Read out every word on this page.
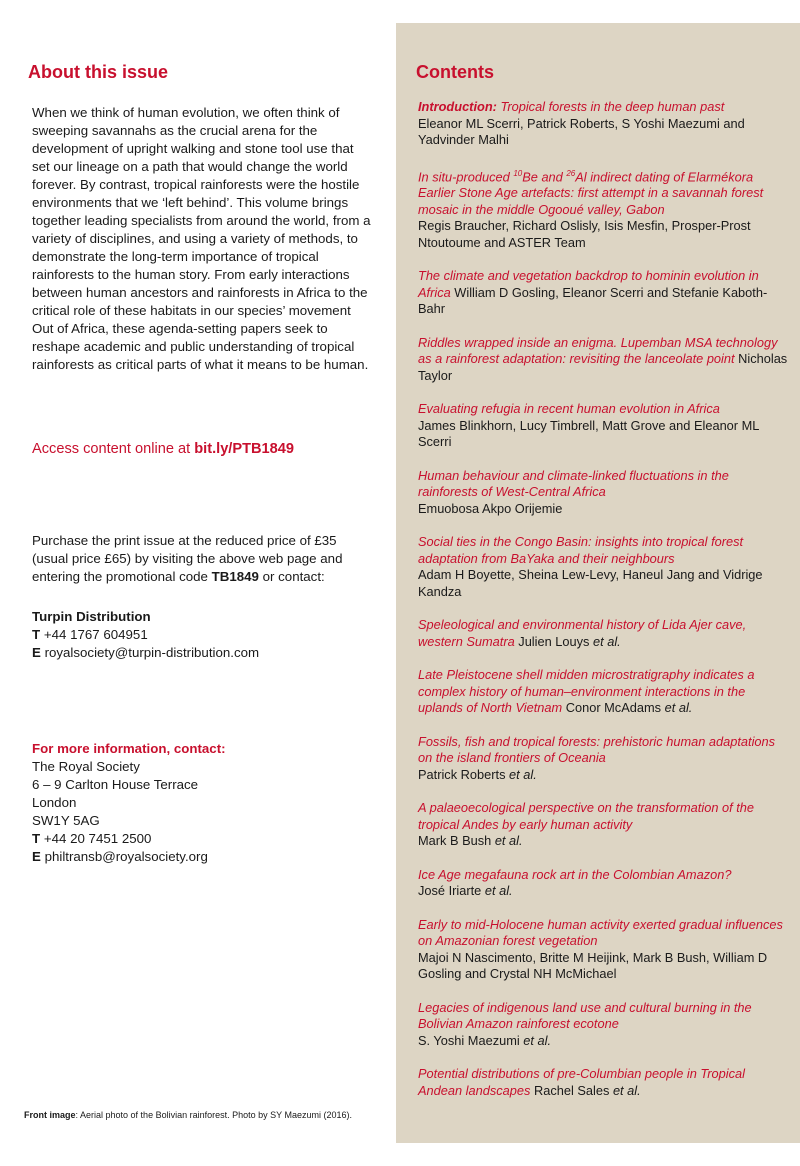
About this issue
When we think of human evolution, we often think of sweeping savannahs as the crucial arena for the development of upright walking and stone tool use that set our lineage on a path that would change the world forever. By contrast, tropical rainforests were the hostile environments that we ‘left behind’. This volume brings together leading specialists from around the world, from a variety of disciplines, and using a variety of methods, to demonstrate the long-term importance of tropical rainforests to the human story. From early interactions between human ancestors and rainforests in Africa to the critical role of these habitats in our species’ movement Out of Africa, these agenda-setting papers seek to reshape academic and public understanding of tropical rainforests as critical parts of what it means to be human.
Access content online at bit.ly/PTB1849
Purchase the print issue at the reduced price of £35 (usual price £65) by visiting the above web page and entering the promotional code TB1849 or contact:
Turpin Distribution
T +44 1767 604951
E royalsociety@turpin-distribution.com
For more information, contact:
The Royal Society
6 – 9 Carlton House Terrace
London
SW1Y 5AG
T +44 20 7451 2500
E philtransb@royalsociety.org
Front image: Aerial photo of the Bolivian rainforest. Photo by SY Maezumi (2016).
Contents
Introduction: Tropical forests in the deep human past
Eleanor ML Scerri, Patrick Roberts, S Yoshi Maezumi and Yadvinder Malhi
In situ-produced $^{10}$Be and $^{26}$Al indirect dating of Elarmékora Earlier Stone Age artefacts: first attempt in a savannah forest mosaic in the middle Ogooué valley, Gabon
Regis Braucher, Richard Oslisly, Isis Mesfin, Prosper-Prost Ntoutoume and ASTER Team
The climate and vegetation backdrop to hominin evolution in Africa William D Gosling, Eleanor Scerri and Stefanie Kaboth-Bahr
Riddles wrapped inside an enigma. Lupemban MSA technology as a rainforest adaptation: revisiting the lanceolate point Nicholas Taylor
Evaluating refugia in recent human evolution in Africa
James Blinkhorn, Lucy Timbrell, Matt Grove and Eleanor ML Scerri
Human behaviour and climate-linked fluctuations in the rainforests of West-Central Africa
Emuobosa Akpo Orijemie
Social ties in the Congo Basin: insights into tropical forest adaptation from BaYaka and their neighbours
Adam H Boyette, Sheina Lew-Levy, Haneul Jang and Vidrige Kandza
Speleological and environmental history of Lida Ajer cave, western Sumatra Julien Louys et al.
Late Pleistocene shell midden microstratigraphy indicates a complex history of human–environment interactions in the uplands of North Vietnam Conor McAdams et al.
Fossils, fish and tropical forests: prehistoric human adaptations on the island frontiers of Oceania
Patrick Roberts et al.
A palaeoecological perspective on the transformation of the tropical Andes by early human activity
Mark B Bush et al.
Ice Age megafauna rock art in the Colombian Amazon?
José Iriarte et al.
Early to mid-Holocene human activity exerted gradual influences on Amazonian forest vegetation
Majoi N Nascimento, Britte M Heijink, Mark B Bush, William D Gosling and Crystal NH McMichael
Legacies of indigenous land use and cultural burning in the Bolivian Amazon rainforest ecotone
S. Yoshi Maezumi et al.
Potential distributions of pre-Columbian people in Tropical Andean landscapes Rachel Sales et al.
